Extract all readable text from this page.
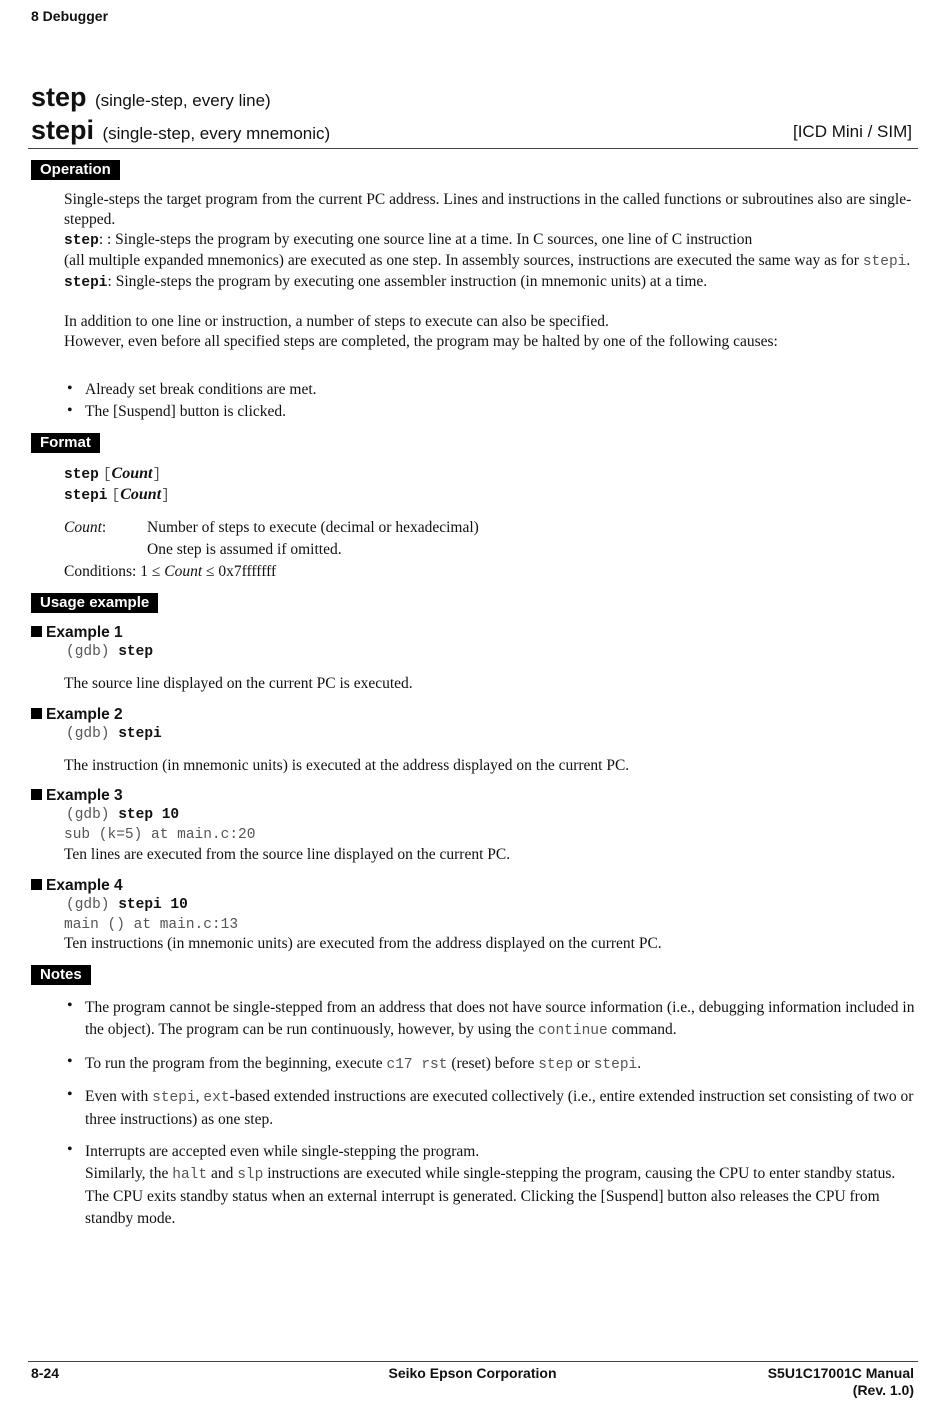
8 Debugger
step (single-step, every line)
stepi (single-step, every mnemonic)	[ICD Mini / SIM]
Operation
Single-steps the target program from the current PC address. Lines and instructions in the called functions or subroutines also are single-stepped.
step: : Single-steps the program by executing one source line at a time. In C sources, one line of C instruction
(all multiple expanded mnemonics) are executed as one step. In assembly sources, instructions are executed the same way as for stepi.
stepi: Single-steps the program by executing one assembler instruction (in mnemonic units) at a time.
In addition to one line or instruction, a number of steps to execute can also be specified.
However, even before all specified steps are completed, the program may be halted by one of the following causes:
• Already set break conditions are met.
• The [Suspend] button is clicked.
Format
step [Count]
stepi [Count]
Count:	Number of steps to execute (decimal or hexadecimal)
One step is assumed if omitted.
Conditions: 1 ≤ Count ≤ 0x7fffffff
Usage example
Example 1
(gdb) step
The source line displayed on the current PC is executed.
Example 2
(gdb) stepi
The instruction (in mnemonic units) is executed at the address displayed on the current PC.
Example 3
(gdb) step 10
sub (k=5) at main.c:20
Ten lines are executed from the source line displayed on the current PC.
Example 4
(gdb) stepi 10
main () at main.c:13
Ten instructions (in mnemonic units) are executed from the address displayed on the current PC.
Notes
• The program cannot be single-stepped from an address that does not have source information (i.e., debugging information included in the object). The program can be run continuously, however, by using the continue command.
• To run the program from the beginning, execute c17 rst (reset) before step or stepi.
• Even with stepi, ext-based extended instructions are executed collectively (i.e., entire extended instruction set consisting of two or three instructions) as one step.
• Interrupts are accepted even while single-stepping the program.
Similarly, the halt and slp instructions are executed while single-stepping the program, causing the CPU to enter standby status. The CPU exits standby status when an external interrupt is generated. Clicking the [Suspend] button also releases the CPU from standby mode.
8-24	Seiko Epson Corporation	S5U1C17001C Manual
(Rev. 1.0)
